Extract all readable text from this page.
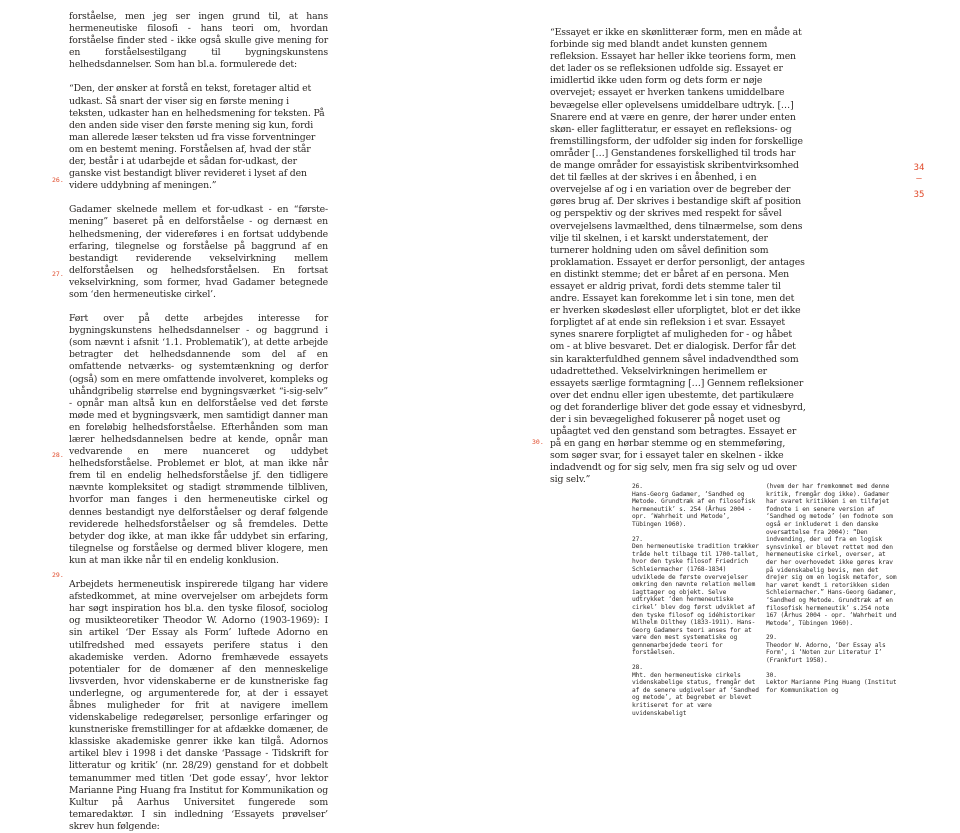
forståelse, men jeg ser ingen grund til, at hans hermeneutiske filosofi - hans teori om, hvordan forståelse finder sted - ikke også skulle give mening for en forståelsestilgang til bygningskunstens helhedsdannelser. Som han bl.a. formulerede det:

“Den, der ønsker at forstå en tekst, foretager altid et udkast. Så snart der viser sig en første mening i teksten, udkaster han en helhedsmening for teksten. På den anden side viser den første mening sig kun, fordi man allerede læser teksten ud fra visse forventninger om en bestemt mening. Forståelsen af, hvad der står der, består i at udarbejde et sådan for-udkast, der ganske vist bestandigt bliver revideret i lyset af den videre uddybning af meningen.”

Gadamer skelnede mellem et for-udkast - en “første-mening” baseret på en delforståelse - og dernæst en helhedsmening, der videreføres i en fortsat uddybende erfaring, tilegnelse og forståelse på baggrund af en bestandigt reviderende vekselvirkning mellem delforståelsen og helhedsforståelsen. En fortsat vekselvirkning, som former, hvad Gadamer betegnede som ‘den hermeneutiske cirkel’.

Ført over på dette arbejdes interesse for bygningskunstens helhedsdannelser - og baggrund i (som nævnt i afsnit ‘1.1. Problematik’), at dette arbejde betragter det helhedsdannende som del af en omfattende netværks- og systemtænkning og derfor (også) som en mere omfattende involveret, kompleks og uhåndgribelig størrelse end bygningsværket “i-sig-selv” - opnår man altså kun en delforståelse ved det første møde med et bygningsværk, men samtidigt danner man en foreløbig helhedsforståelse. Efterhånden som man lærer helhedsdannelsen bedre at kende, opnår man vedvarende en mere nuanceret og uddybet helhedsforståelse. Problemet er blot, at man ikke når frem til en endelig helhedsforståelse jf. den tidligere nævnte kompleksitet og stadigt strømmende tilbliven, hvorfor man fanges i den hermeneutiske cirkel og dennes bestandigt nye delforståelser og deraf følgende reviderede helhedsforståelser og så fremdeles. Dette betyder dog ikke, at man ikke får uddybet sin erfaring, tilegnelse og forståelse og dermed bliver klogere, men kun at man ikke når til en endelig konklusion.

Arbejdets hermeneutisk inspirerede tilgang har videre afstedkommet, at mine overvejelser om arbejdets form har søgt inspiration hos bl.a. den tyske filosof, sociolog og musikteoretiker Theodor W. Adorno (1903-1969): I sin artikel ‘Der Essay als Form’ luftede Adorno en utilfredshed med essayets perifere status i den akademiske verden. Adorno fremhævede essayets potentialer for de domæner af den menneskelige livsverden, hvor videnskaberne er de kunstneriske fag underlegne, og argumenterede for, at der i essayet åbnes muligheder for frit at navigere imellem videnskabelige redegørelser, personlige erfaringer og kunstneriske fremstillinger for at afdække domæner, de klassiske akademiske genrer ikke kan tilgå. Adornos artikel blev i 1998 i det danske ‘Passage - Tidskrift for litteratur og kritik’ (nr. 28/29) genstand for et dobbelt temanummer med titlen ‘Det gode essay’, hvor lektor Marianne Ping Huang fra Institut for Kommunikation og Kultur på Aarhus Universitet fungerede som temaredaktør. I sin indledning ‘Essayets prøvelser’ skrev hun følgende:

26.
27.
28.
29.
30.

“Essayet er ikke en skønlitterær form, men en måde at forbinde sig med blandt andet kunsten gennem refleksion. Essayet har heller ikke teoriens form, men det lader os se refleksionen udfolde sig. Essayet er imidlertid ikke uden form og dets form er nøje overvejet; essayet er hverken tankens umiddelbare bevægelse eller oplevelsens umiddelbare udtryk. […] Snarere end at være en genre, der hører under enten skøn- eller faglitteratur, er essayet en refleksions- og fremstillingsform, der udfolder sig inden for forskellige områder […] Genstandenes forskellighed til trods har de mange områder for essayistisk skribentvirksomhed det til fælles at der skrives i en åbenhed, i en overvejelse af og i en variation over de begreber der gøres brug af. Der skrives i bestandige skift af position og perspektiv og der skrives med respekt for såvel overvejelsens lavmælthed, dens tilnærmelse, som dens vilje til skelnen, i et karskt understatement, der turnerer holdning uden om såvel definition som proklamation. Essayet er derfor personligt, der antages en distinkt stemme; det er båret af en persona. Men essayet er aldrig privat, fordi dets stemme taler til andre. Essayet kan forekomme let i sin tone, men det er hverken skødesløst eller uforpligtet, blot er det ikke forpligtet af at ende sin refleksion i et svar. Essayet synes snarere forpligtet af muligheden for - og håbet om - at blive besvaret. Det er dialogisk. Derfor får det sin karakterfuldhed gennem såvel indadvendthed som udadrettethed. Vekselvirkningen herimellem er essayets særlige formtagning […] Gennem refleksioner over det endnu eller igen ubestemte, det partikulære og det foranderlige bliver det gode essay et vidnesbyrd, der i sin bevægelighed fokuserer på noget uset og upåagtet ved den genstand som betragtes. Essayet er på en gang en hørbar stemme og en stemmeføring, som søger svar, for i essayet taler en skelnen - ikke indadvendt og for sig selv, men fra sig selv og ud over sig selv.”

34

—

35

26.
Hans-Georg Gadamer, ‘Sandhed og Metode. Grundtræk af en filosofisk hermeneutik’ s. 254 (Århus 2004 - opr. ‘Wahrheit und Metode’, Tübingen 1960).

27.
Den hermeneutiske tradition trækker tråde helt tilbage til 1700-tallet, hvor den tyske filosof Friedrich Schleiermacher (1768-1834) udviklede de første overvejelser omkring den nævnte relation mellem iagttager og objekt. Selve udtrykket ‘den hermeneutiske cirkel’ blev dog først udviklet af den tyske filosof og idéhistoriker Wilhelm Dilthey (1833-1911). Hans-Georg Gadamers teori anses for at være den mest systematiske og gennemarbejdede teori for forståelsen.

28.
Mht. den hermeneutiske cirkels videnskabelige status, fremgår det af de senere udgivelser af ‘Sandhed og metode’, at begrebet er blevet kritiseret for at være uvidenskabeligt

(hvem der har fremkommet med denne kritik, fremgår dog ikke). Gadamer har svaret kritikken i en tilføjet fodnote i en senere version af ‘Sandhed og metode’ (en fodnote som også er inkluderet i den danske oversættelse fra 2004): “Den indvending, der ud fra en logisk synsvinkel er blevet rettet mod den hermeneutiske cirkel, overser, at der her overhovedet ikke gøres krav på videnskabelig bevis, men det drejer sig om en logisk metafor, som har været kendt i retorikken siden Schleiermacher.” Hans-Georg Gadamer, ‘Sandhed og Metode. Grundtræk af en filosofisk hermeneutik’ s.254 note 167 (Århus 2004 - opr. ‘Wahrheit und Metode’, Tübingen 1960).

29.
Theodor W. Adorno, ‘Der Essay als Form’, i ‘Noten zur Literatur I’ (Frankfurt 1958).

30.
Lektor Marianne Ping Huang (Institut for Kommunikation og
